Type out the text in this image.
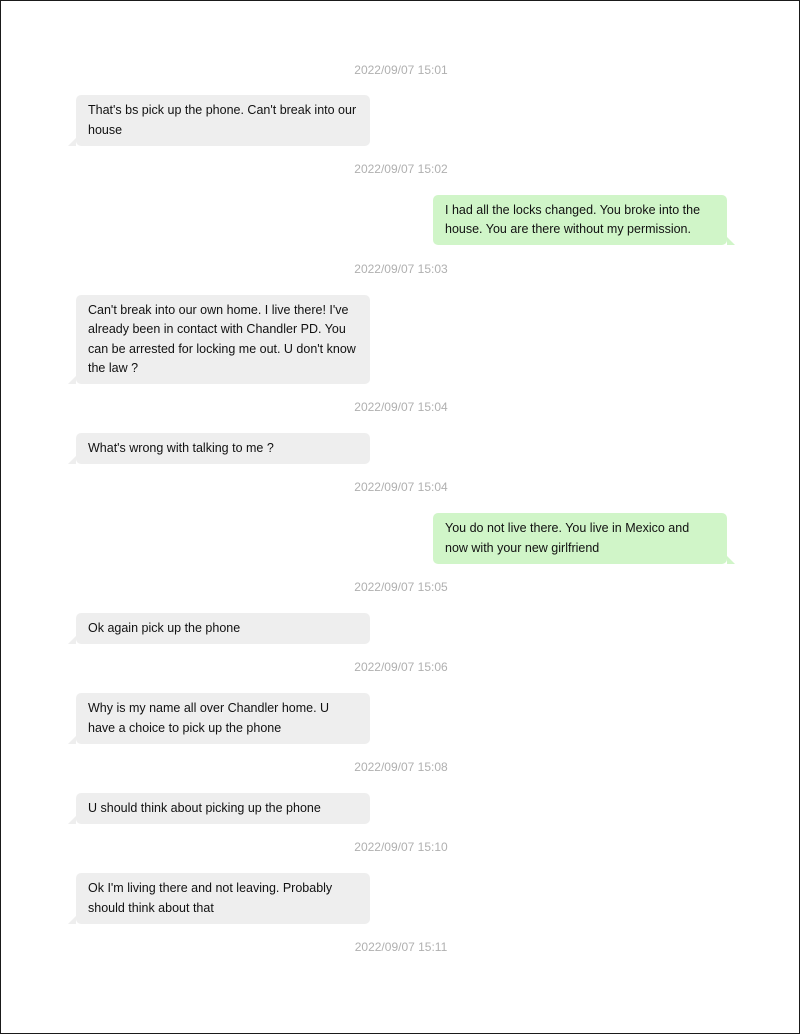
2022/09/07 15:01
That's bs pick up the phone. Can't break into our house
2022/09/07 15:02
I had all the locks changed. You broke into the house. You are there without my permission.
2022/09/07 15:03
Can't break into our own home. I live there! I've already been in contact with Chandler PD. You can be arrested for locking me out. U don't know the law ?
2022/09/07 15:04
What's wrong with talking to me ?
2022/09/07 15:04
You do not live there. You live in Mexico and now with your new girlfriend
2022/09/07 15:05
Ok again pick up the phone
2022/09/07 15:06
Why is my name all over Chandler home. U have a choice to pick up the phone
2022/09/07 15:08
U should think about picking up the phone
2022/09/07 15:10
Ok I'm living there and not leaving. Probably should think about that
2022/09/07 15:11
